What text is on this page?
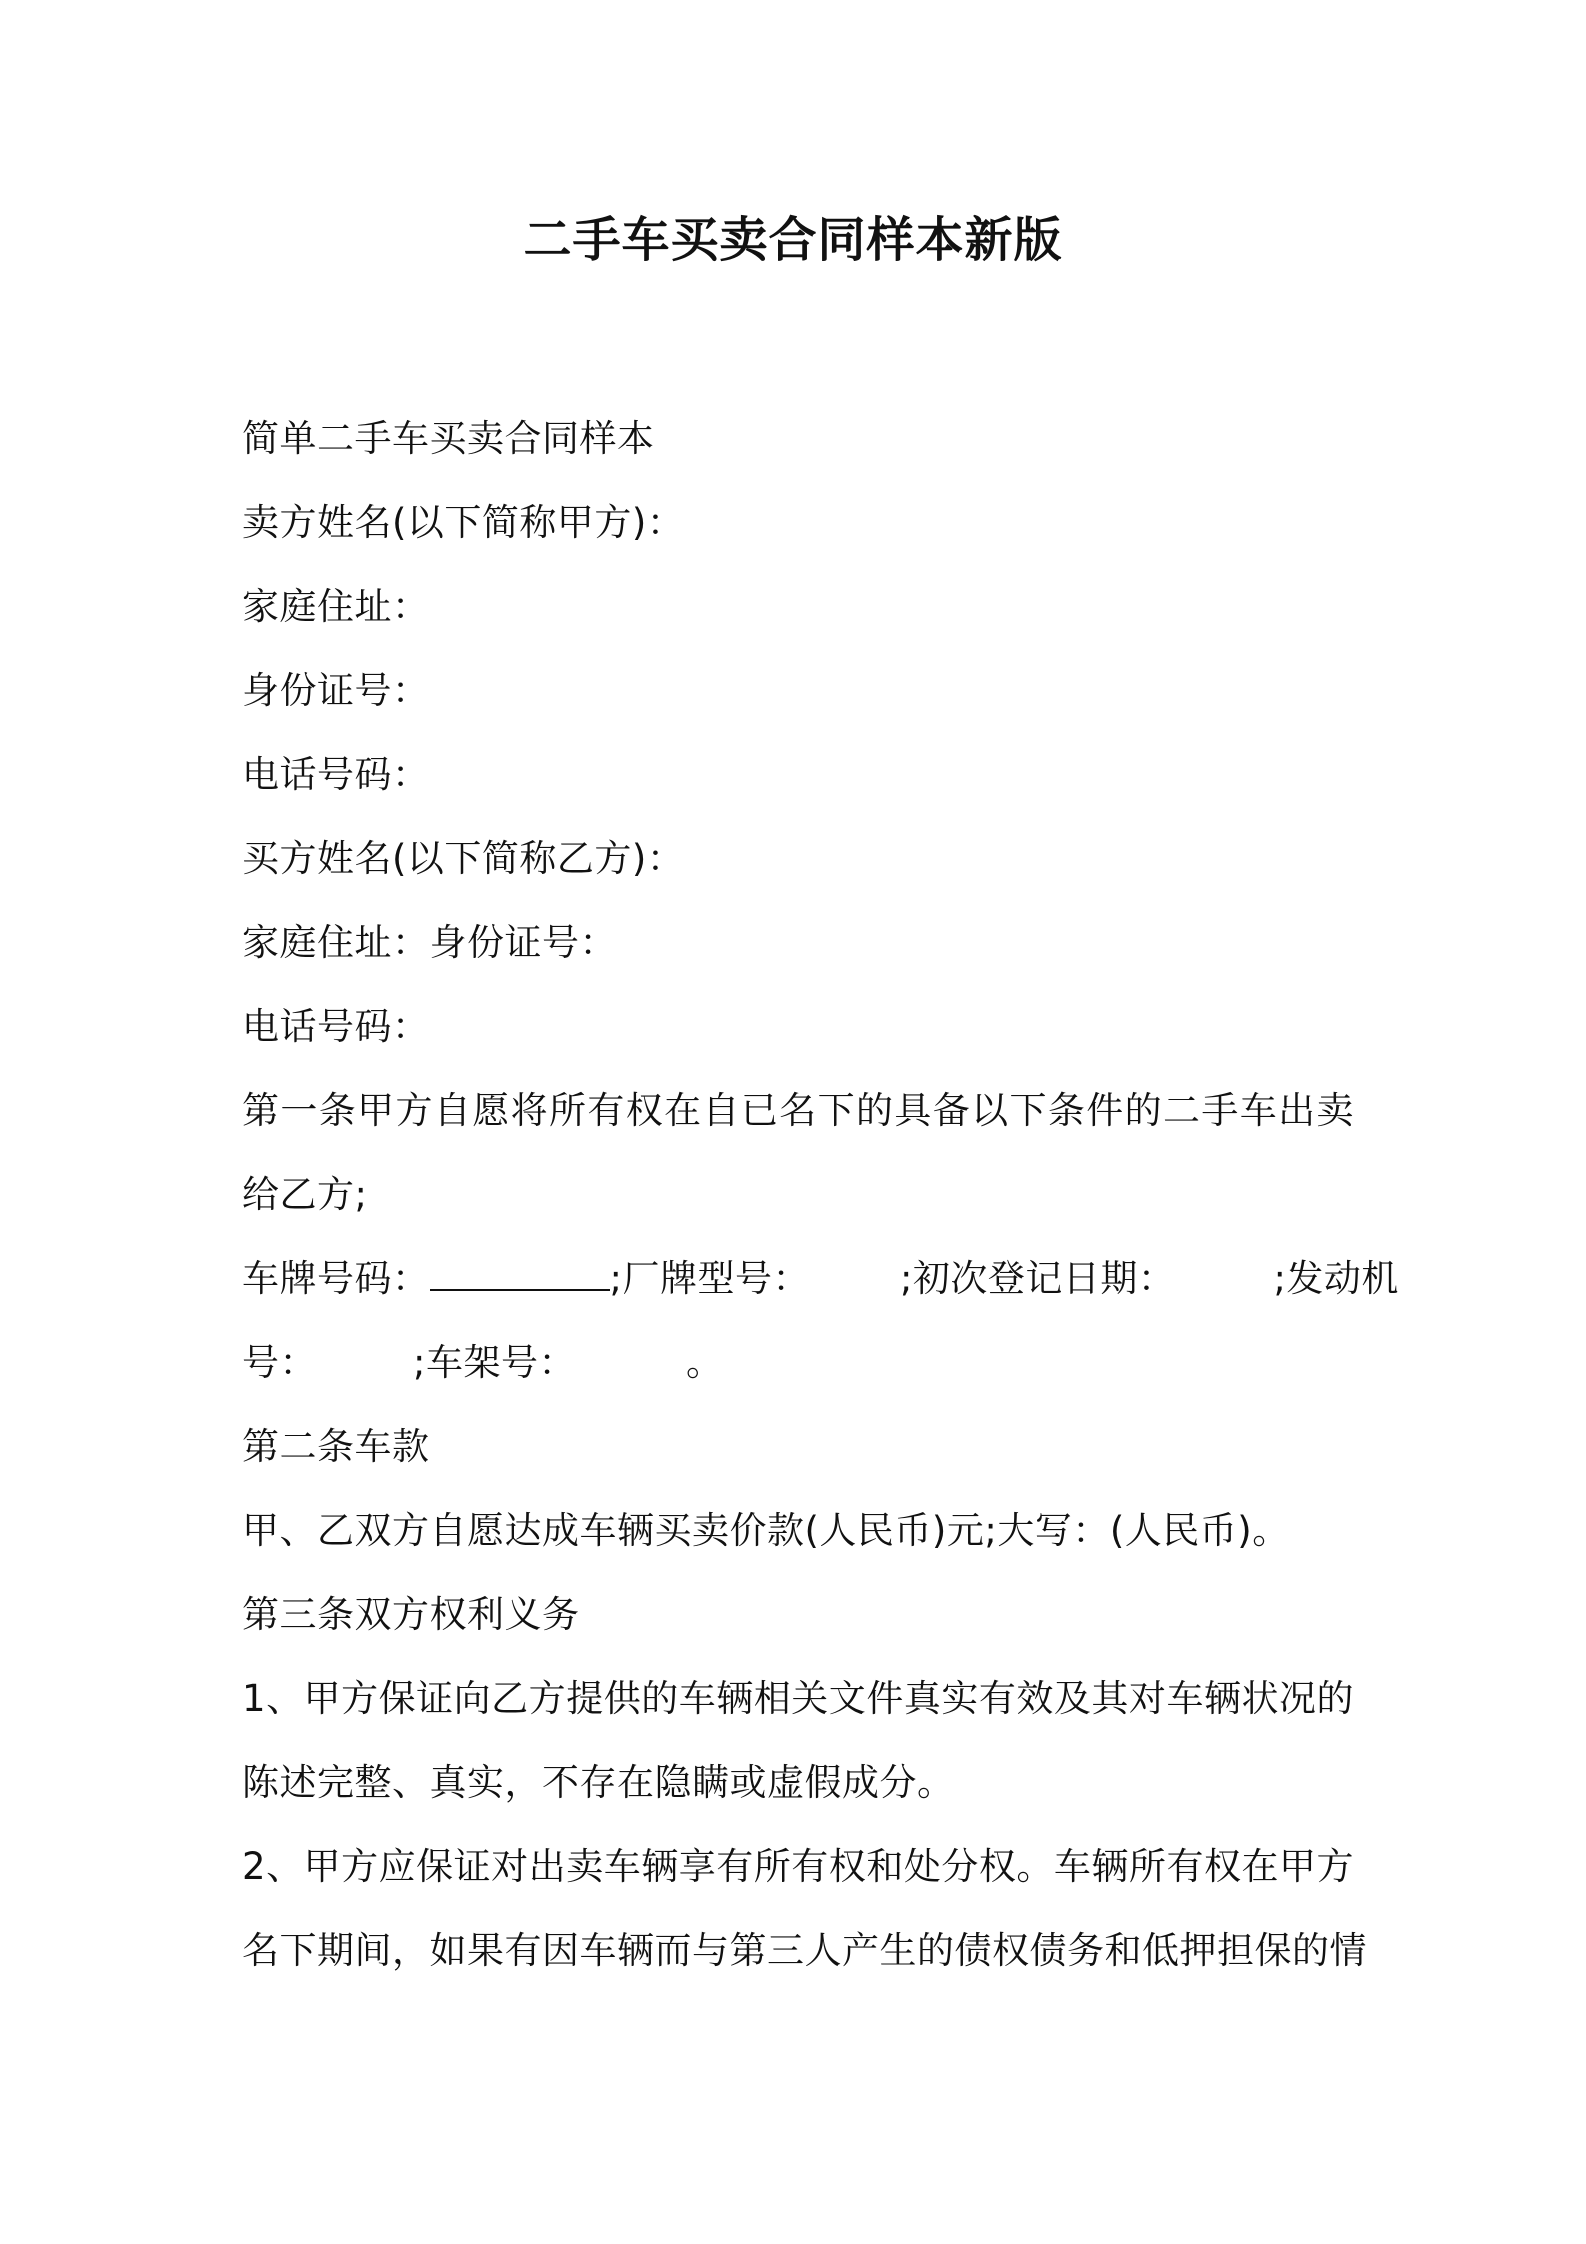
二手车买卖合同样本新版
简单二手车买卖合同样本
卖方姓名(以下简称甲方)：
家庭住址：
身份证号：
电话号码：
买方姓名(以下简称乙方)：
家庭住址：身份证号：
电话号码：
第 一 条 甲 方 自 愿 将 所 有 权 在 自 已 名 下 的 具 备 以 下 条 件 的 二 手 车 出 卖
给乙方;
车牌号码：	;厂牌型号： ;初次登记日期：	;发动机
号：	;车架号：	。
第二条车款
甲、乙双方自愿达成车辆买卖价款(人民币)元;大写：(人民币)。
第三条双方权利义务
1 、 甲 方 保 证 向 乙 方 提 供 的 车 辆 相 关 文 件 真 实 有 效 及 其 对 车 辆 状 况 的
陈述完整、真实，不存在隐瞒或虚假成分。
2 、 甲 方 应 保 证 对 出 卖 车 辆 享 有 所 有 权 和 处 分 权 。 车 辆 所 有 权 在 甲 方
名 下 期 间 ， 如 果 有 因 车 辆 而 与 第 三 人 产 生 的 债 权 债 务 和 低 押 担 保 的 情
